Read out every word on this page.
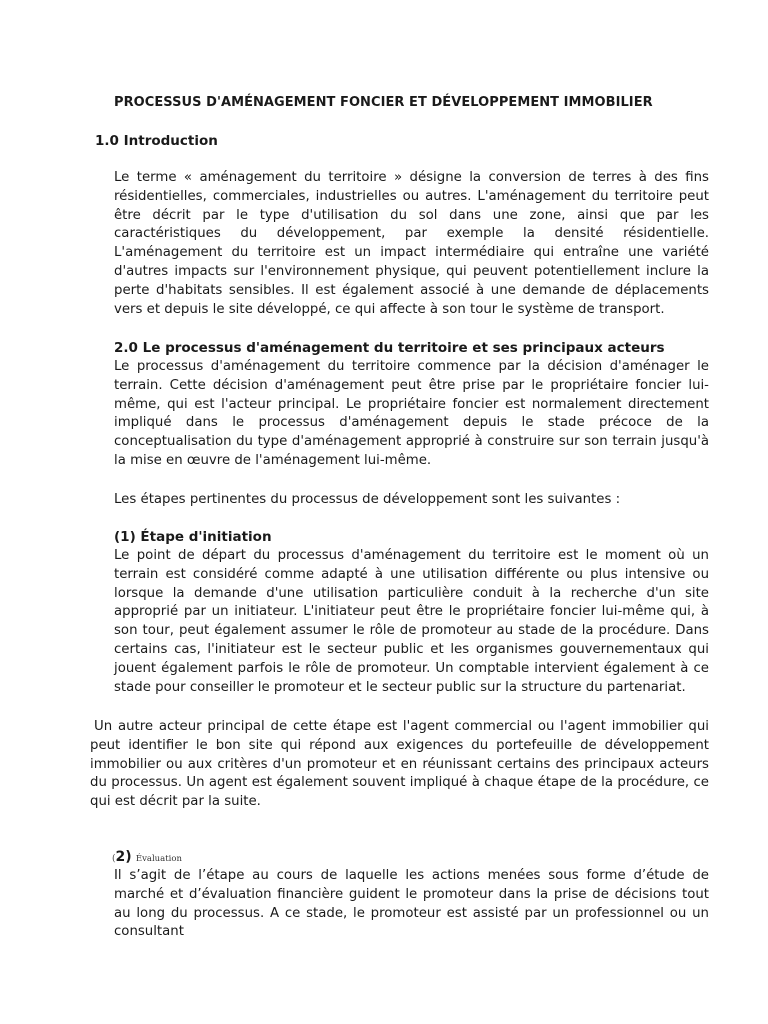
PROCESSUS D'AMÉNAGEMENT FONCIER ET DÉVELOPPEMENT IMMOBILIER
1.0 Introduction

Le terme « aménagement du territoire » désigne la conversion de terres à des fins résidentielles, commerciales, industrielles ou autres. L'aménagement du territoire peut être décrit par le type d'utilisation du sol dans une zone, ainsi que par les caractéristiques du développement, par exemple la densité résidentielle. L'aménagement du territoire est un impact intermédiaire qui entraîne une variété d'autres impacts sur l'environnement physique, qui peuvent potentiellement inclure la perte d'habitats sensibles. Il est également associé à une demande de déplacements vers et depuis le site développé, ce qui affecte à son tour le système de transport.

2.0 Le processus d'aménagement du territoire et ses principaux acteurs

Le processus d'aménagement du territoire commence par la décision d'aménager le terrain. Cette décision d'aménagement peut être prise par le propriétaire foncier lui-même, qui est l'acteur principal. Le propriétaire foncier est normalement directement impliqué dans le processus d'aménagement depuis le stade précoce de la conceptualisation du type d'aménagement approprié à construire sur son terrain jusqu'à la mise en œuvre de l'aménagement lui-même.

Les étapes pertinentes du processus de développement sont les suivantes :

(1) Étape d'initiation

Le point de départ du processus d'aménagement du territoire est le moment où un terrain est considéré comme adapté à une utilisation différente ou plus intensive ou lorsque la demande d'une utilisation particulière conduit à la recherche d'un site approprié par un initiateur. L'initiateur peut être le propriétaire foncier lui-même qui, à son tour, peut également assumer le rôle de promoteur au stade de la procédure. Dans certains cas, l'initiateur est le secteur public et les organismes gouvernementaux qui jouent également parfois le rôle de promoteur. Un comptable intervient également à ce stade pour conseiller le promoteur et le secteur public sur la structure du partenariat.

Un autre acteur principal de cette étape est l'agent commercial ou l'agent immobilier qui peut identifier le bon site qui répond aux exigences du portefeuille de développement immobilier ou aux critères d'un promoteur et en réunissant certains des principaux acteurs du processus. Un agent est également souvent impliqué à chaque étape de la procédure, ce qui est décrit par la suite.

(2) Évaluation

Il s’agit de l’étape au cours de laquelle les actions menées sous forme d’étude de marché et d’évaluation financière guident le promoteur dans la prise de décisions tout au long du processus. A ce stade, le promoteur est assisté par un professionnel ou un consultant
